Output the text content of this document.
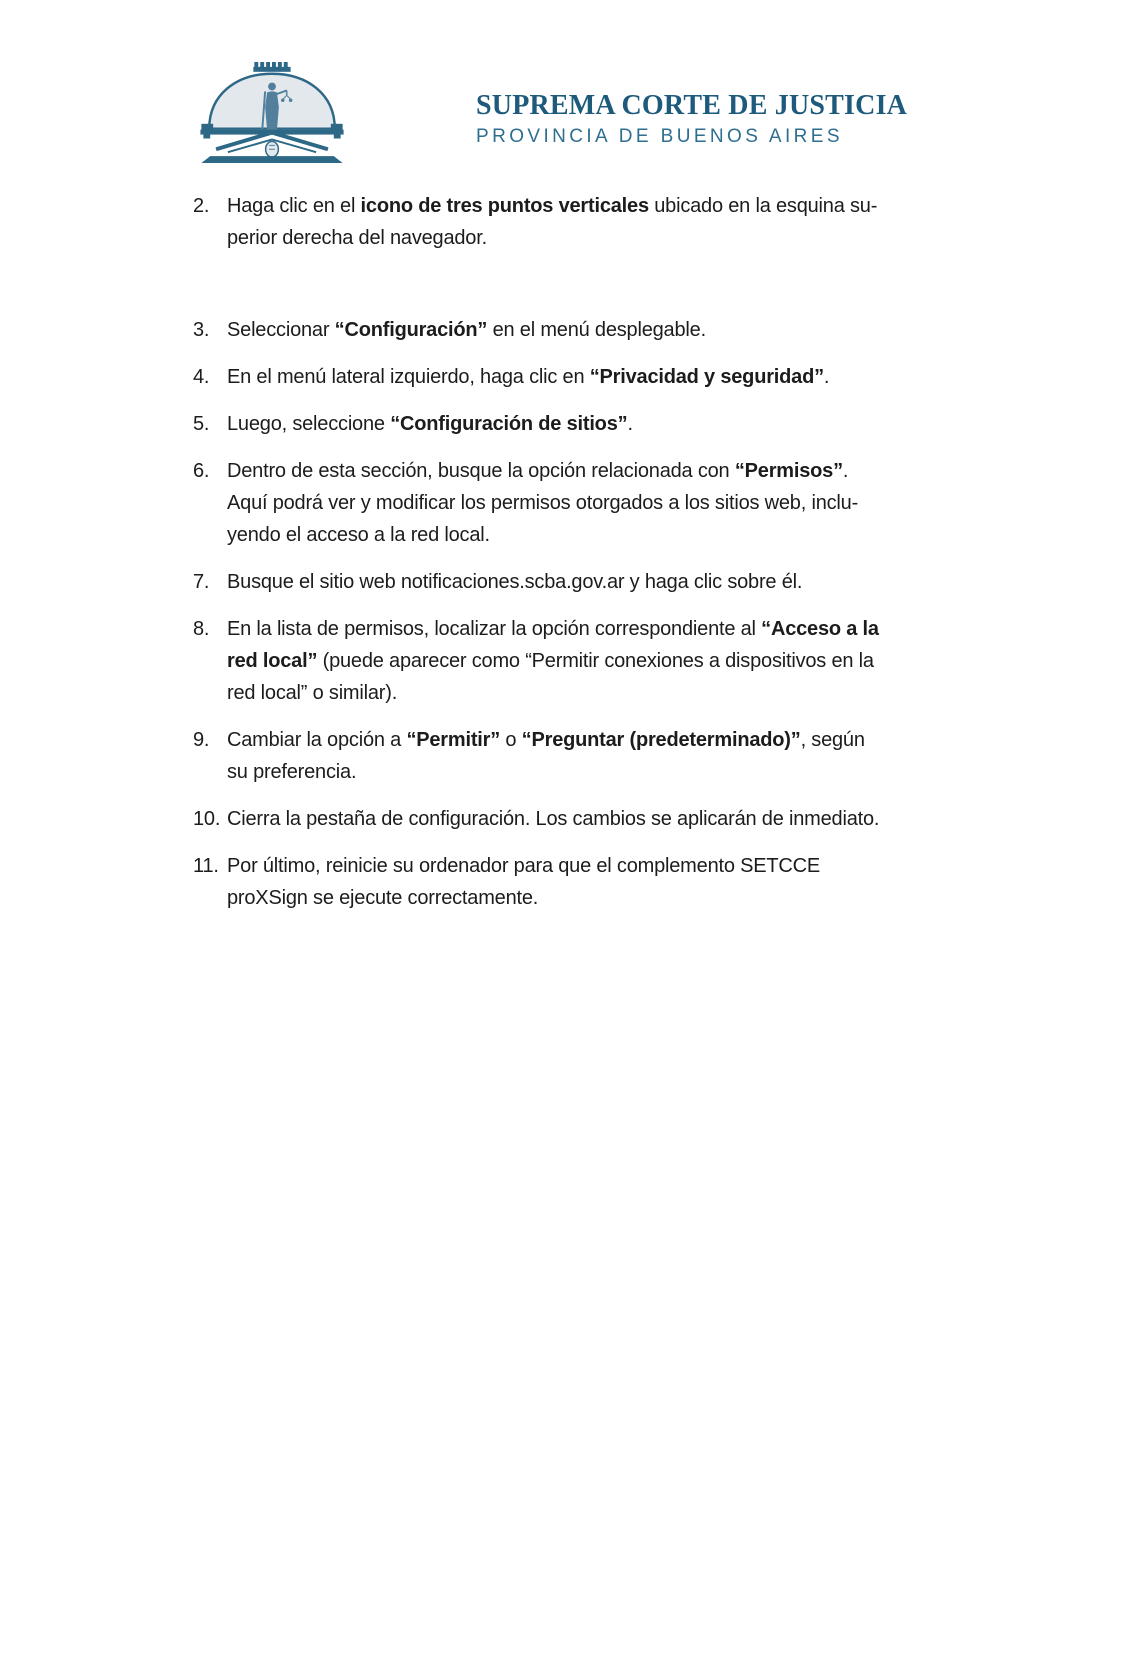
SUPREMA CORTE DE JUSTICIA
PROVINCIA DE BUENOS AIRES
2. Haga clic en el icono de tres puntos verticales ubicado en la esquina su-
perior derecha del navegador.
3. Seleccionar “Configuración” en el menú desplegable.
4. En el menú lateral izquierdo, haga clic en “Privacidad y seguridad”.
5. Luego, seleccione “Configuración de sitios”.
6. Dentro de esta sección, busque la opción relacionada con “Permisos”.
Aquí podrá ver y modificar los permisos otorgados a los sitios web, inclu-
yendo el acceso a la red local.
7. Busque el sitio web notificaciones.scba.gov.ar y haga clic sobre él.
8. En la lista de permisos, localizar la opción correspondiente al “Acceso a la
red local” (puede aparecer como “Permitir conexiones a dispositivos en la
red local” o similar).
9. Cambiar la opción a “Permitir” o “Preguntar (predeterminado)”, según
su preferencia.
10. Cierra la pestaña de configuración. Los cambios se aplicarán de inmediato.
11. Por último, reinicie su ordenador para que el complemento SETCCE
proXSign se ejecute correctamente.
